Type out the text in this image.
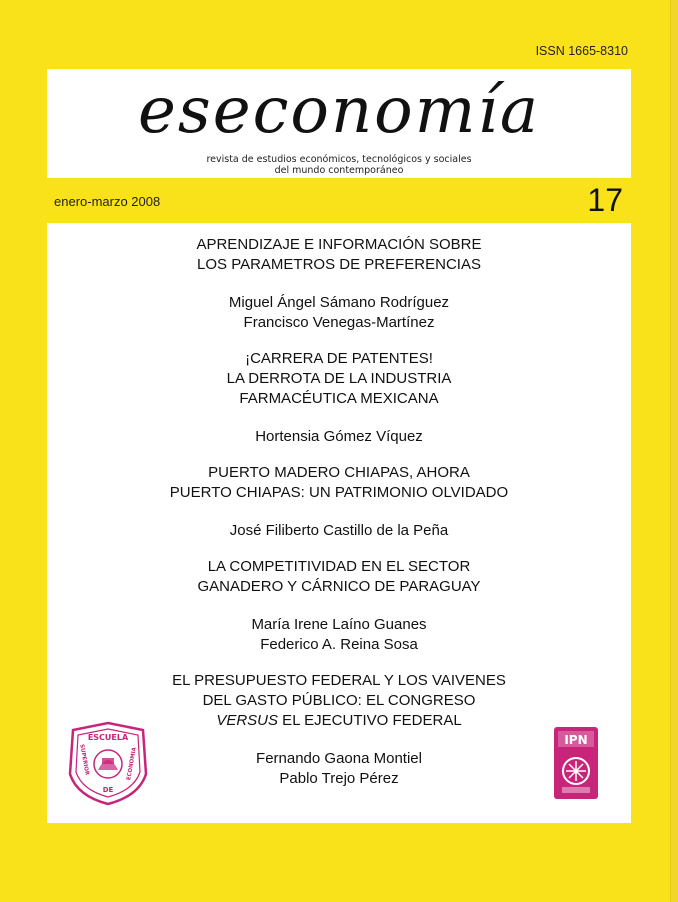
ISSN 1665-8310
eseconomía
revista de estudios económicos, tecnológicos y sociales
del mundo contemporáneo
enero-marzo 2008	17
APRENDIZAJE E INFORMACIÓN SOBRE
LOS PARAMETROS DE PREFERENCIAS
Miguel Ángel Sámano Rodríguez
Francisco Venegas-Martínez
¡CARRERA DE PATENTES!
LA DERROTA DE LA INDUSTRIA
FARMACÉUTICA MEXICANA
Hortensia Gómez Víquez
PUERTO MADERO CHIAPAS, AHORA
PUERTO CHIAPAS: UN PATRIMONIO OLVIDADO
José Filiberto Castillo de la Peña
LA COMPETITIVIDAD EN EL SECTOR
GANADERO Y CÁRNICO DE PARAGUAY
María Irene Laíno Guanes
Federico A. Reina Sosa
EL PRESUPUESTO FEDERAL Y LOS VAIVENES
DEL GASTO PÚBLICO: EL CONGRESO
VERSUS EL EJECUTIVO FEDERAL
Fernando Gaona Montiel
Pablo Trejo Pérez
ESCUELA
SUPERIOR	ECONOMIA
DE
IPN
